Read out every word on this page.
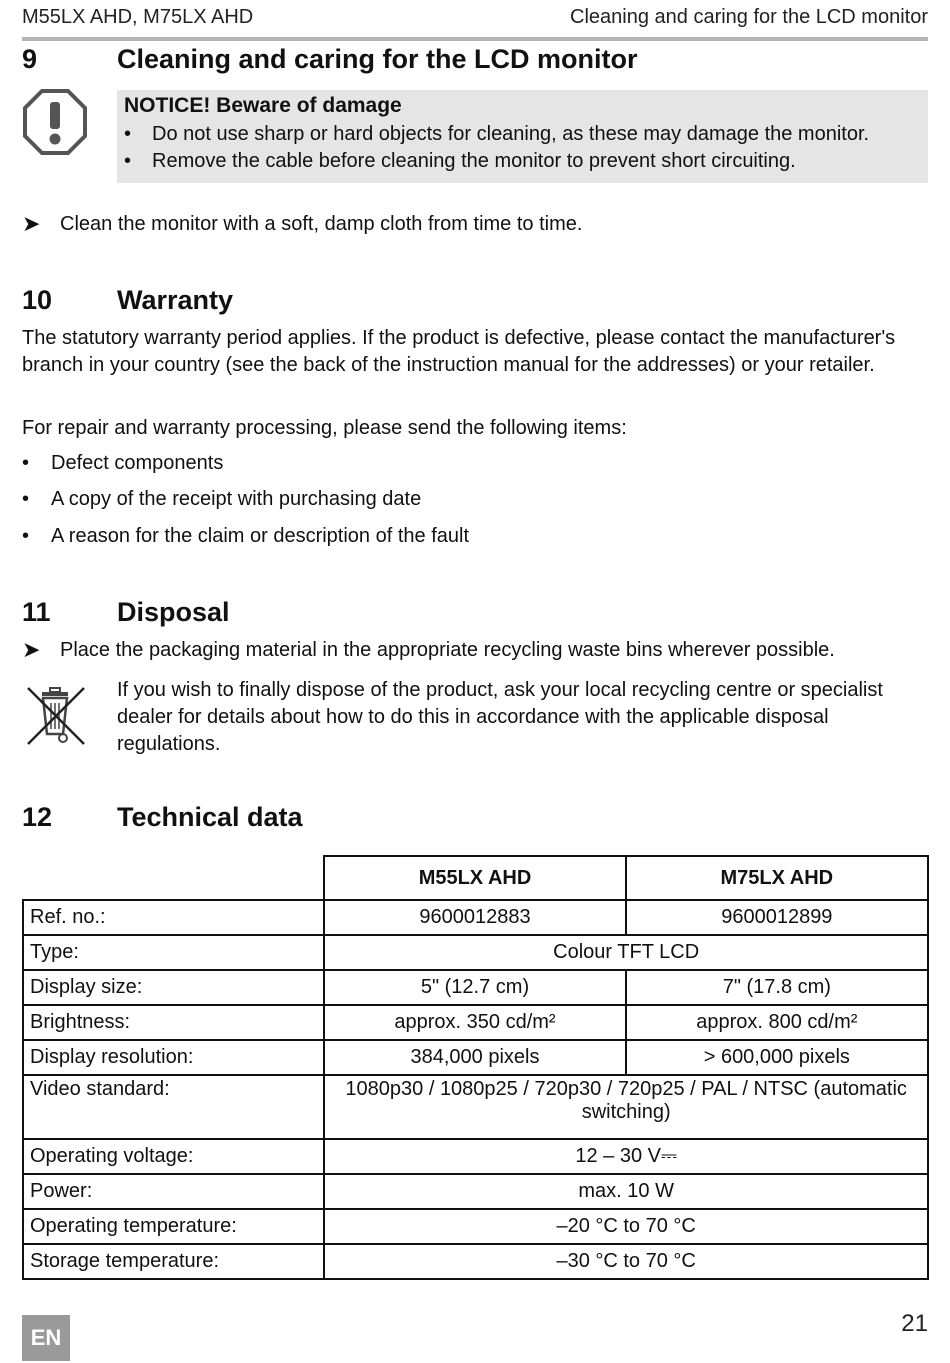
M55LX AHD, M75LX AHD	Cleaning and caring for the LCD monitor
9	Cleaning and caring for the LCD monitor
NOTICE! Beware of damage
• Do not use sharp or hard objects for cleaning, as these may damage the monitor.
• Remove the cable before cleaning the monitor to prevent short circuiting.
➤ Clean the monitor with a soft, damp cloth from time to time.
10	Warranty
The statutory warranty period applies. If the product is defective, please contact the manufacturer's branch in your country (see the back of the instruction manual for the addresses) or your retailer.
For repair and warranty processing, please send the following items:
• Defect components
• A copy of the receipt with purchasing date
• A reason for the claim or description of the fault
11	Disposal
➤ Place the packaging material in the appropriate recycling waste bins wherever possible.
If you wish to finally dispose of the product, ask your local recycling centre or specialist dealer for details about how to do this in accordance with the applicable disposal regulations.
12	Technical data
	M55LX AHD	M75LX AHD
Ref. no.:	9600012883	9600012899
Type:	Colour TFT LCD	
Display size:	5" (12.7 cm)	7" (17.8 cm)
Brightness:	approx. 350 cd/m²	approx. 800 cd/m²
Display resolution:	384,000 pixels	> 600,000 pixels
Video standard:	1080p30 / 1080p25 / 720p30 / 720p25 / PAL / NTSC (automatic switching)	
Operating voltage:	12 – 30 V⎓	
Power:	max. 10 W	
Operating temperature:	–20 °C to 70 °C	
Storage temperature:	–30 °C to 70 °C	
EN
21
